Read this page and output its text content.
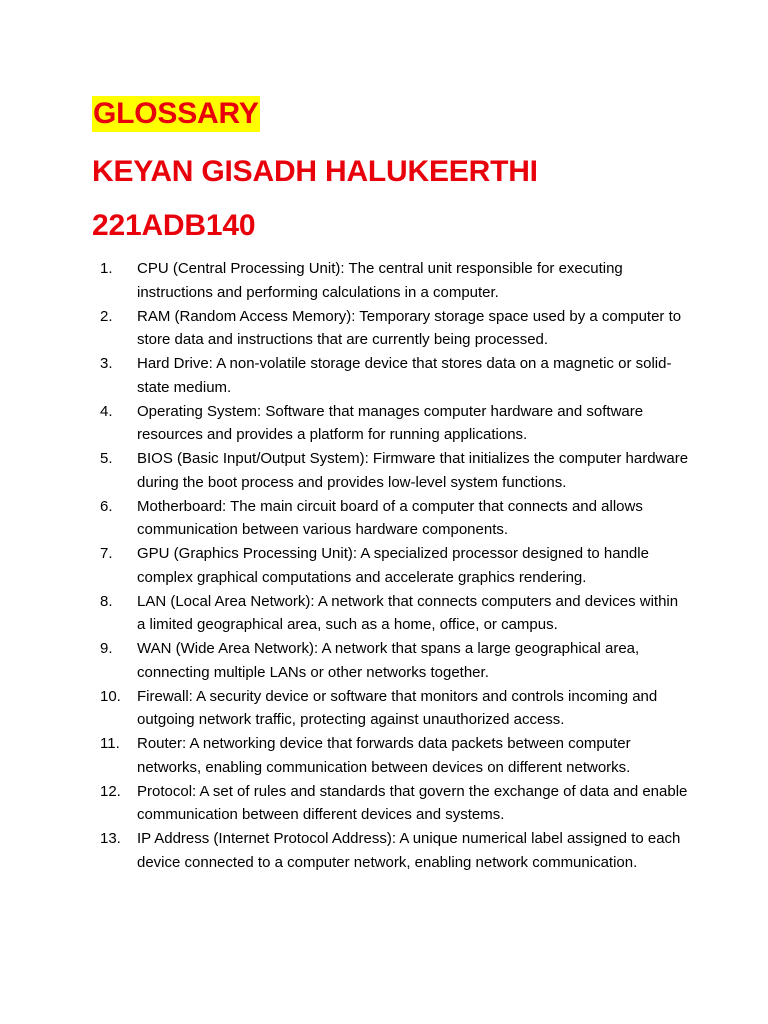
GLOSSARY
KEYAN GISADH HALUKEERTHI
221ADB140
1.	CPU (Central Processing Unit): The central unit responsible for executing instructions and performing calculations in a computer.
2.	RAM (Random Access Memory): Temporary storage space used by a computer to store data and instructions that are currently being processed.
3.	Hard Drive: A non-volatile storage device that stores data on a magnetic or solid-state medium.
4.	Operating System: Software that manages computer hardware and software resources and provides a platform for running applications.
5.	BIOS (Basic Input/Output System): Firmware that initializes the computer hardware during the boot process and provides low-level system functions.
6.	Motherboard: The main circuit board of a computer that connects and allows communication between various hardware components.
7.	GPU (Graphics Processing Unit): A specialized processor designed to handle complex graphical computations and accelerate graphics rendering.
8.	LAN (Local Area Network): A network that connects computers and devices within a limited geographical area, such as a home, office, or campus.
9.	WAN (Wide Area Network): A network that spans a large geographical area, connecting multiple LANs or other networks together.
10.	Firewall: A security device or software that monitors and controls incoming and outgoing network traffic, protecting against unauthorized access.
11.	Router: A networking device that forwards data packets between computer networks, enabling communication between devices on different networks.
12.	Protocol: A set of rules and standards that govern the exchange of data and enable communication between different devices and systems.
13.	IP Address (Internet Protocol Address): A unique numerical label assigned to each device connected to a computer network, enabling network communication.
